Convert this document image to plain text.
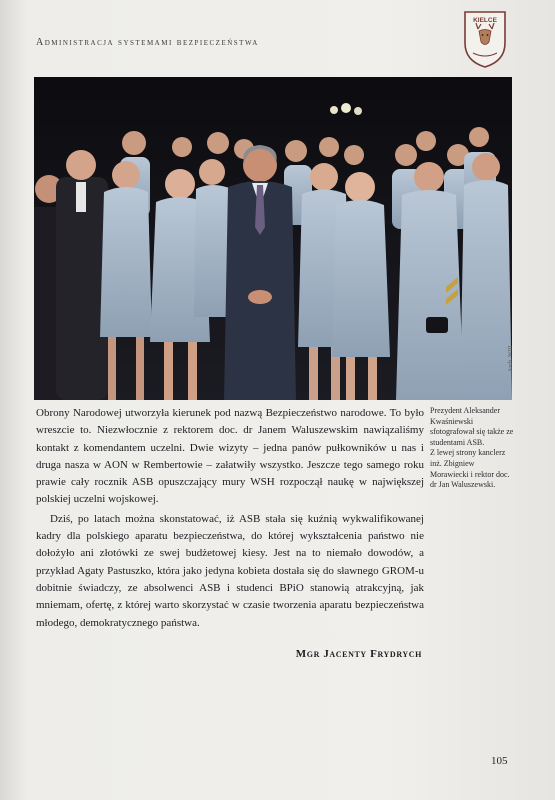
Administracja systemami bezpieczeństwa
KIELCE
Arch. WIII

Prezydent Aleksander Kwaśniewski sfotografował się także ze studentami ASB.

Z lewej strony kanclerz inż. Zbigniew Morawiecki i rektor doc. dr Jan Waluszewski.

Obrony Narodowej utworzyła kierunek pod nazwą Bezpieczeństwo narodowe. To było wreszcie to. Niezwłocznie z rektorem doc. dr Janem Waluszewskim nawiązaliśmy kontakt z komendantem uczelni. Dwie wizyty – jedna panów pułkowników u nas i druga nasza w AON w Rembertowie – załatwiły wszystko. Jeszcze tego samego roku prawie cały rocznik ASB opuszczający mury WSH rozpoczął naukę w największej polskiej uczelni wojskowej.

Dziś, po latach można skonstatować, iż ASB stała się kuźnią wykwalifikowanej kadry dla polskiego aparatu bezpieczeństwa, do której wykształcenia państwo nie dołożyło ani złotówki ze swej budżetowej kiesy. Jest na to niemało dowodów, a przykład Agaty Pastuszko, która jako jedyna kobieta dostała się do sławnego GROM-u dobitnie świadczy, ze absolwenci ASB i studenci BPiO stanowią atrakcyjną, jak mniemam, ofertę, z której warto skorzystać w czasie tworzenia aparatu bezpieczeństwa młodego, demokratycznego państwa.

Mgr Jacenty Frydrych
105
